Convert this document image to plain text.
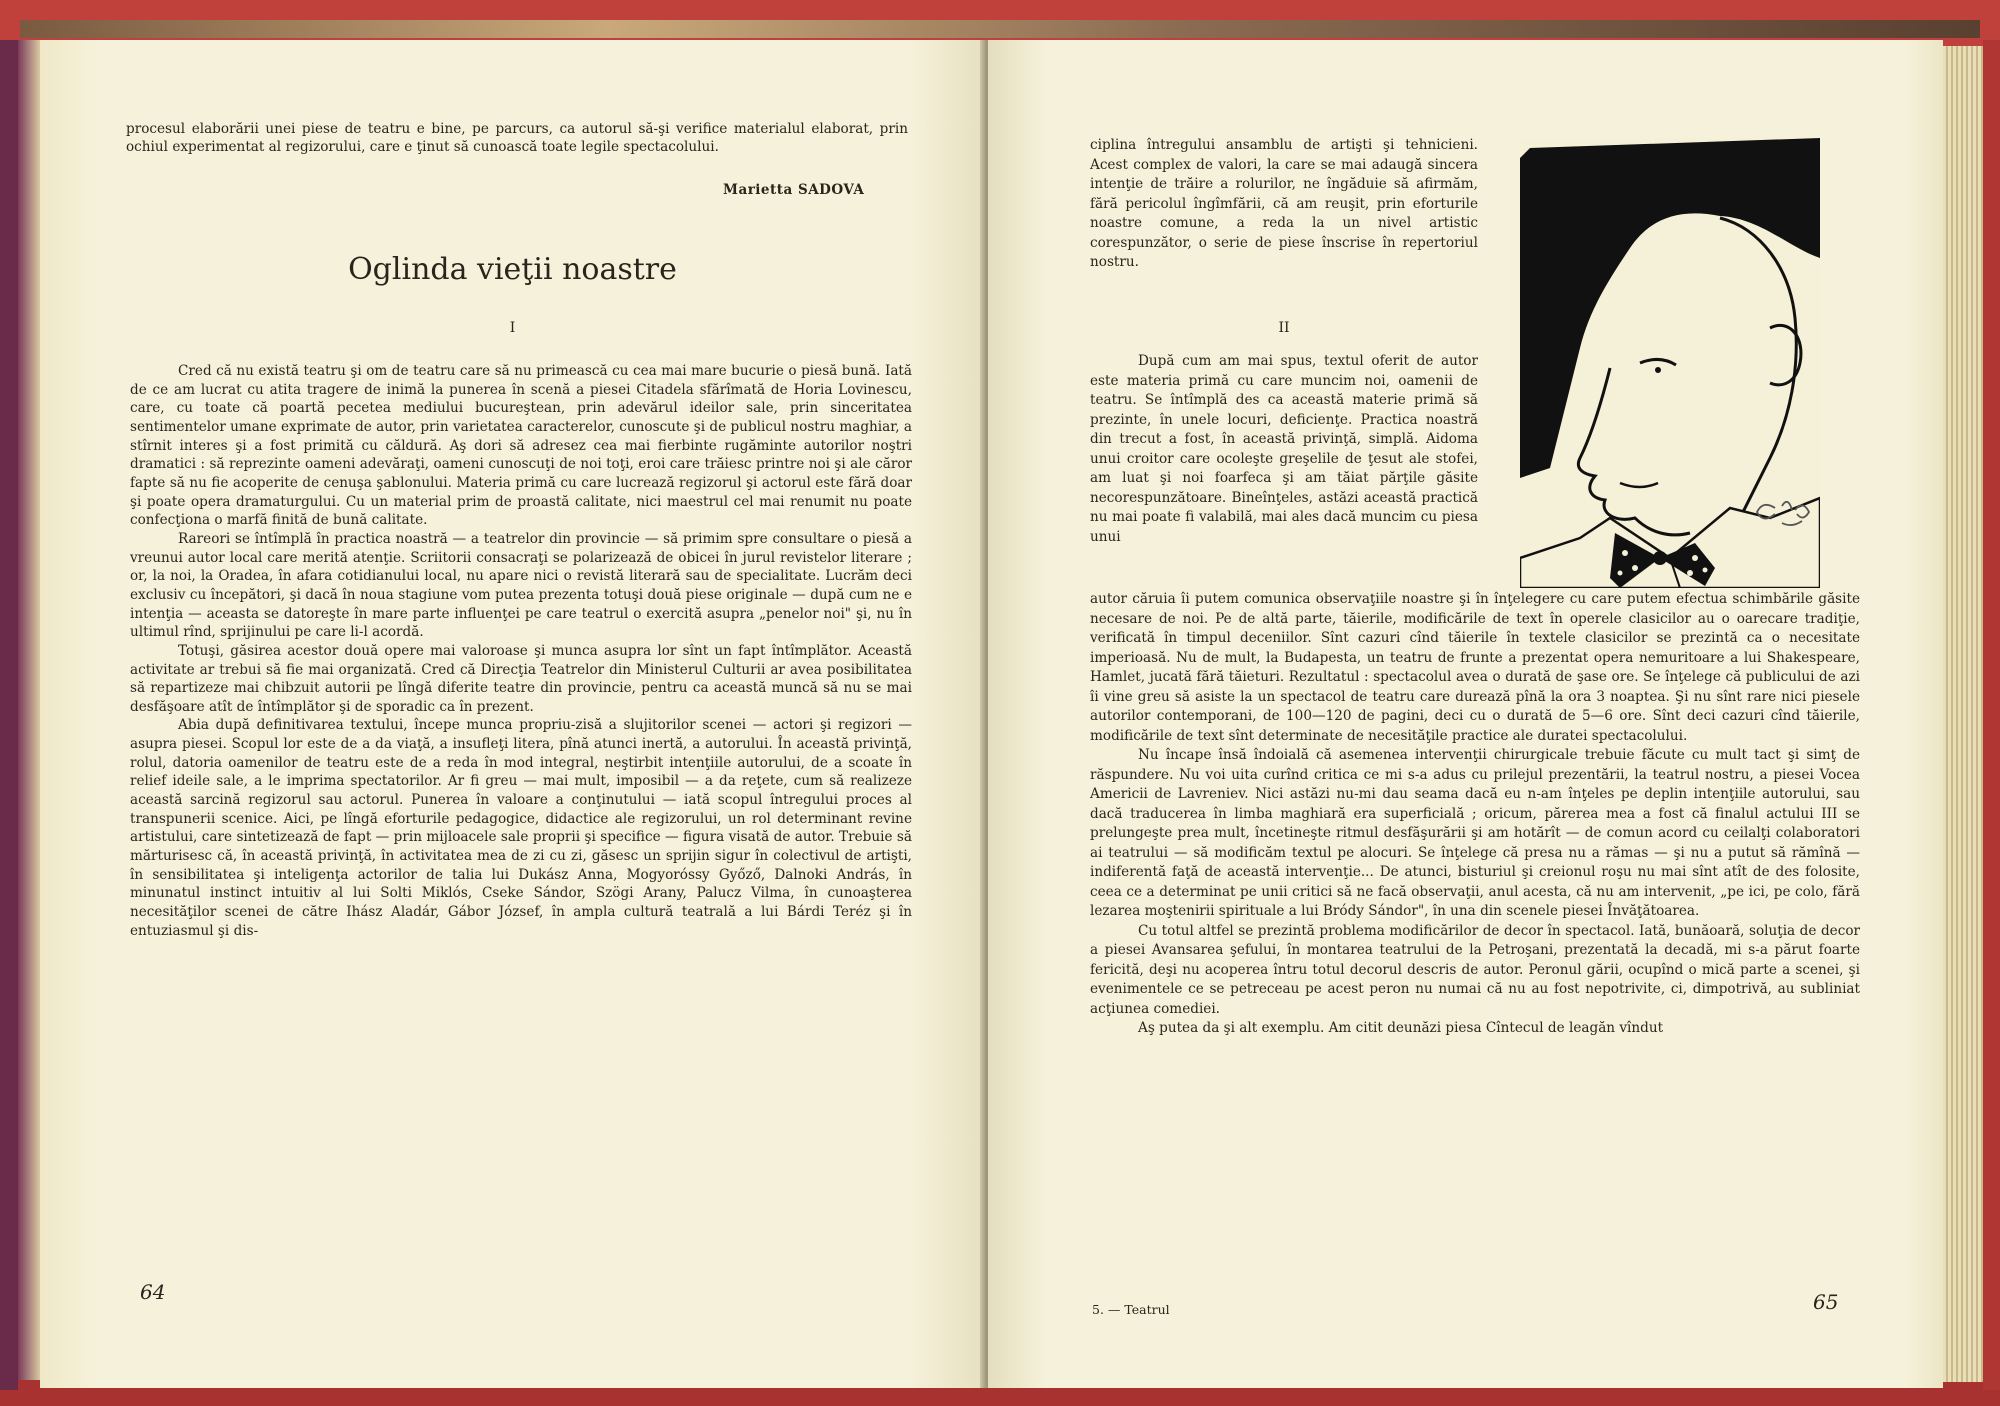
procesul elaborării unei piese de teatru e bine, pe parcurs, ca autorul să-şi verifice materialul elaborat, prin ochiul experimentat al regizorului, care e ţinut să cunoască toate legile spectacolului.

Marietta SADOVA
Oglinda vieţii noastre
I

Cred că nu există teatru şi om de teatru care să nu primească cu cea mai mare bucurie o piesă bună. Iată de ce am lucrat cu atita tragere de inimă la punerea în scenă a piesei Citadela sfărîmată de Horia Lovinescu, care, cu toate că poartă pecetea mediului bucureştean, prin adevărul ideilor sale, prin sinceritatea sentimentelor umane exprimate de autor, prin varietatea caracterelor, cunoscute şi de publicul nostru maghiar, a stîrnit interes şi a fost primită cu căldură. Aş dori să adresez cea mai fierbinte rugăminte autorilor noştri dramatici : să reprezinte oameni adevăraţi, oameni cunoscuţi de noi toţi, eroi care trăiesc printre noi şi ale căror fapte să nu fie acoperite de cenuşa şablonului. Materia primă cu care lucrează regizorul şi actorul este fără doar şi poate opera dramaturgului. Cu un material prim de proastă calitate, nici maestrul cel mai renumit nu poate confecţiona o marfă finită de bună calitate.

Rareori se întîmplă în practica noastră — a teatrelor din provincie — să primim spre consultare o piesă a vreunui autor local care merită atenţie. Scriitorii consacraţi se polarizează de obicei în jurul revistelor literare ; or, la noi, la Oradea, în afara cotidianului local, nu apare nici o revistă literară sau de specialitate. Lucrăm deci exclusiv cu începători, şi dacă în noua stagiune vom putea prezenta totuşi două piese originale — după cum ne e intenţia — aceasta se datoreşte în mare parte influenţei pe care teatrul o exercită asupra „penelor noi" şi, nu în ultimul rînd, sprijinului pe care li-l acordă.

Totuşi, găsirea acestor două opere mai valoroase şi munca asupra lor sînt un fapt întîmplător. Această activitate ar trebui să fie mai organizată. Cred că Direcţia Teatrelor din Ministerul Culturii ar avea posibilitatea să repartizeze mai chibzuit autorii pe lîngă diferite teatre din provincie, pentru ca această muncă să nu se mai desfăşoare atît de întîmplător şi de sporadic ca în prezent.

Abia după definitivarea textului, începe munca propriu-zisă a slujitorilor scenei — actori şi regizori — asupra piesei. Scopul lor este de a da viaţă, a insufleţi litera, pînă atunci inertă, a autorului. În această privinţă, rolul, datoria oamenilor de teatru este de a reda în mod integral, neştirbit intenţiile autorului, de a scoate în relief ideile sale, a le imprima spectatorilor. Ar fi greu — mai mult, imposibil — a da reţete, cum să realizeze această sarcină regizorul sau actorul. Punerea în valoare a conţinutului — iată scopul întregului proces al transpunerii scenice. Aici, pe lîngă eforturile pedagogice, didactice ale regizorului, un rol determinant revine artistului, care sintetizează de fapt — prin mijloacele sale proprii şi specifice — figura visată de autor. Trebuie să mărturisesc că, în această privinţă, în activitatea mea de zi cu zi, găsesc un sprijin sigur în colectivul de artişti, în sensibilitatea şi inteligenţa actorilor de talia lui Dukász Anna, Mogyoróssy Győző, Dalnoki András, în minunatul instinct intuitiv al lui Solti Miklós, Cseke Sándor, Szögi Arany, Palucz Vilma, în cunoaşterea necesităţilor scenei de către Ihász Aladár, Gábor József, în ampla cultură teatrală a lui Bárdi Teréz şi în entuziasmul şi dis-

64

ciplina întregului ansamblu de artişti şi tehnicieni. Acest complex de valori, la care se mai adaugă sincera intenţie de trăire a rolurilor, ne îngăduie să afirmăm, fără pericolul îngîmfării, că am reuşit, prin eforturile noastre comune, a reda la un nivel artistic corespunzător, o serie de piese înscrise în repertoriul nostru.

II

După cum am mai spus, textul oferit de autor este materia primă cu care muncim noi, oamenii de teatru. Se întîmplă des ca această materie primă să prezinte, în unele locuri, deficienţe. Practica noastră din trecut a fost, în această privinţă, simplă. Aidoma unui croitor care ocoleşte greşelile de ţesut ale stofei, am luat şi noi foarfeca şi am tăiat părţile găsite necorespunzătoare. Bineînţeles, astăzi această practică nu mai poate fi valabilă, mai ales dacă muncim cu piesa unui

autor căruia îi putem comunica observaţiile noastre şi în înţelegere cu care putem efectua schimbările găsite necesare de noi. Pe de altă parte, tăierile, modificările de text în operele clasicilor au o oarecare tradiţie, verificată în timpul deceniilor. Sînt cazuri cînd tăierile în textele clasicilor se prezintă ca o necesitate imperioasă. Nu de mult, la Budapesta, un teatru de frunte a prezentat opera nemuritoare a lui Shakespeare, Hamlet, jucată fără tăieturi. Rezultatul : spectacolul avea o durată de şase ore. Se înţelege că publicului de azi îi vine greu să asiste la un spectacol de teatru care durează pînă la ora 3 noaptea. Şi nu sînt rare nici piesele autorilor contemporani, de 100—120 de pagini, deci cu o durată de 5—6 ore. Sînt deci cazuri cînd tăierile, modificările de text sînt determinate de necesităţile practice ale duratei spectacolului.

Nu încape însă îndoială că asemenea intervenţii chirurgicale trebuie făcute cu mult tact şi simţ de răspundere. Nu voi uita curînd critica ce mi s-a adus cu prilejul prezentării, la teatrul nostru, a piesei Vocea Americii de Lavreniev. Nici astăzi nu-mi dau seama dacă eu n-am înţeles pe deplin intenţiile autorului, sau dacă traducerea în limba maghiară era superficială ; oricum, părerea mea a fost că finalul actului III se prelungeşte prea mult, încetineşte ritmul desfăşurării şi am hotărît — de comun acord cu ceilalţi colaboratori ai teatrului — să modificăm textul pe alocuri. Se înţelege că presa nu a rămas — şi nu a putut să rămînă — indiferentă faţă de această intervenţie... De atunci, bisturiul şi creionul roşu nu mai sînt atît de des folosite, ceea ce a determinat pe unii critici să ne facă observaţii, anul acesta, că nu am intervenit, „pe ici, pe colo, fără lezarea moştenirii spirituale a lui Bródy Sándor", în una din scenele piesei Învăţătoarea.

Cu totul altfel se prezintă problema modificărilor de decor în spectacol. Iată, bunăoară, soluţia de decor a piesei Avansarea şefului, în montarea teatrului de la Petroşani, prezentată la decadă, mi s-a părut foarte fericită, deşi nu acoperea întru totul decorul descris de autor. Peronul gării, ocupînd o mică parte a scenei, şi evenimentele ce se petreceau pe acest peron nu numai că nu au fost nepotrivite, ci, dimpotrivă, au subliniat acţiunea comediei.

Aş putea da şi alt exemplu. Am citit deunăzi piesa Cîntecul de leagăn vîndut

5. — Teatrul	65
